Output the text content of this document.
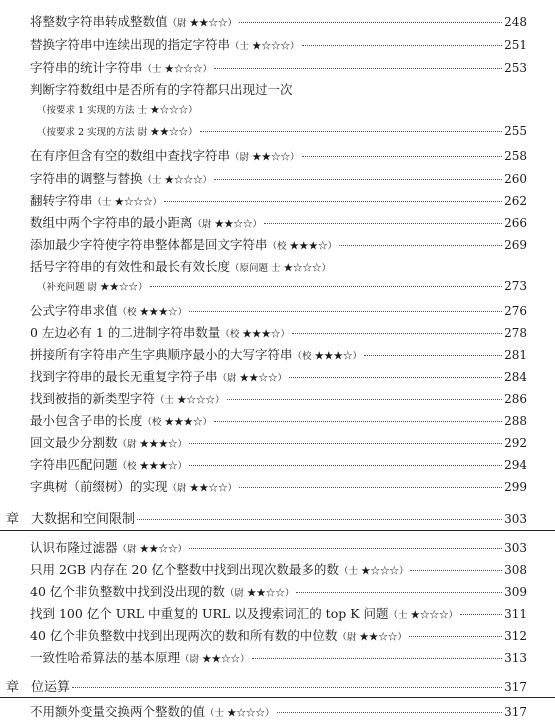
将整数字符串转成整数值 （尉 ★★☆☆）	248
替换字符串中连续出现的指定字符串 （士 ★☆☆☆）	251
字符串的统计字符串 （士 ★☆☆☆）	253
判断字符数组中是否所有的字符都只出现过一次
（按要求 1 实现的方法 士 ★☆☆☆）
（按要求 2 实现的方法 尉 ★★☆☆）	255
在有序但含有空的数组中查找字符串 （尉 ★★☆☆）	258
字符串的调整与替换 （士 ★☆☆☆）	260
翻转字符串 （士 ★☆☆☆）	262
数组中两个字符串的最小距离 （尉 ★★☆☆）	266
添加最少字符使字符串整体都是回文字符串 （校 ★★★☆）	269
括号字符串的有效性和最长有效长度 （原问题 士 ★☆☆☆）
（补充问题 尉 ★★☆☆）	273
公式字符串求值 （校 ★★★☆）	276
0 左边必有 1 的二进制字符串数量 （校 ★★★☆）	278
拼接所有字符串产生字典顺序最小的大写字符串 （校 ★★★☆）	281
找到字符串的最长无重复字符子串 （尉 ★★☆☆）	284
找到被指的新类型字符 （士 ★☆☆☆）	286
最小包含子串的长度 （校 ★★★☆）	288
回文最少分割数 （尉 ★★★☆）	292
字符串匹配问题 （校 ★★★☆）	294
字典树（前缀树）的实现 （尉 ★★☆☆）	299
章 大数据和空间限制	303
认识布隆过滤器 （尉 ★★☆☆）	303
只用 2GB 内存在 20 亿个整数中找到出现次数最多的数 （士 ★☆☆☆）	308
40 亿个非负整数中找到没出现的数 （尉 ★★☆☆）	309
找到 100 亿个 URL 中重复的 URL 以及搜索词汇的 top K 问题 （士 ★☆☆☆）	311
40 亿个非负整数中找到出现两次的数和所有数的中位数 （尉 ★★☆☆）	312
一致性哈希算法的基本原理 （尉 ★★☆☆）	313
章 位运算	317
不用额外变量交换两个整数的值 （士 ★☆☆☆）	317
